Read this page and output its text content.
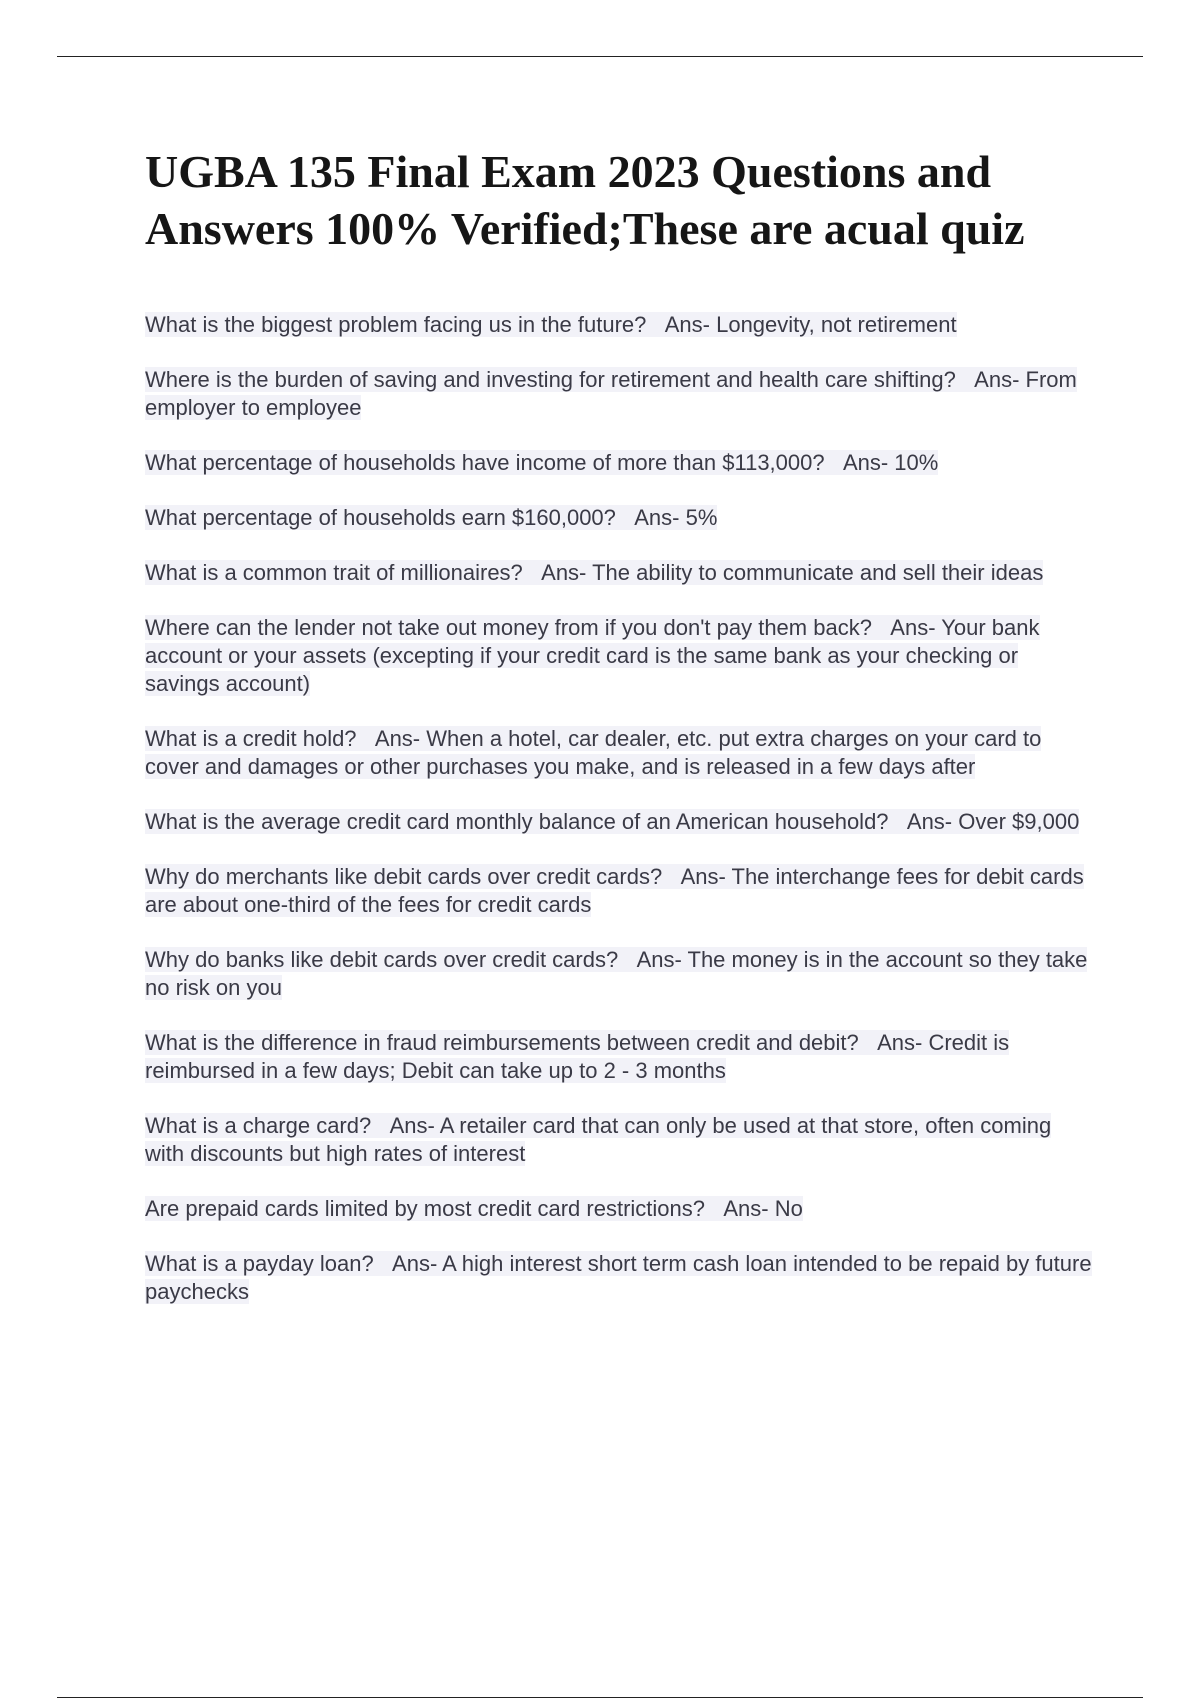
UGBA 135 Final Exam 2023 Questions and Answers 100% Verified;These are acual quiz
What is the biggest problem facing us in the future? Ans- Longevity, not retirement
Where is the burden of saving and investing for retirement and health care shifting? Ans- From employer to employee
What percentage of households have income of more than $113,000? Ans- 10%
What percentage of households earn $160,000? Ans- 5%
What is a common trait of millionaires? Ans- The ability to communicate and sell their ideas
Where can the lender not take out money from if you don't pay them back? Ans- Your bank account or your assets (excepting if your credit card is the same bank as your checking or savings account)
What is a credit hold? Ans- When a hotel, car dealer, etc. put extra charges on your card to cover and damages or other purchases you make, and is released in a few days after
What is the average credit card monthly balance of an American household? Ans- Over $9,000
Why do merchants like debit cards over credit cards? Ans- The interchange fees for debit cards are about one-third of the fees for credit cards
Why do banks like debit cards over credit cards? Ans- The money is in the account so they take no risk on you
What is the difference in fraud reimbursements between credit and debit? Ans- Credit is reimbursed in a few days; Debit can take up to 2 - 3 months
What is a charge card? Ans- A retailer card that can only be used at that store, often coming with discounts but high rates of interest
Are prepaid cards limited by most credit card restrictions? Ans- No
What is a payday loan? Ans- A high interest short term cash loan intended to be repaid by future paychecks
